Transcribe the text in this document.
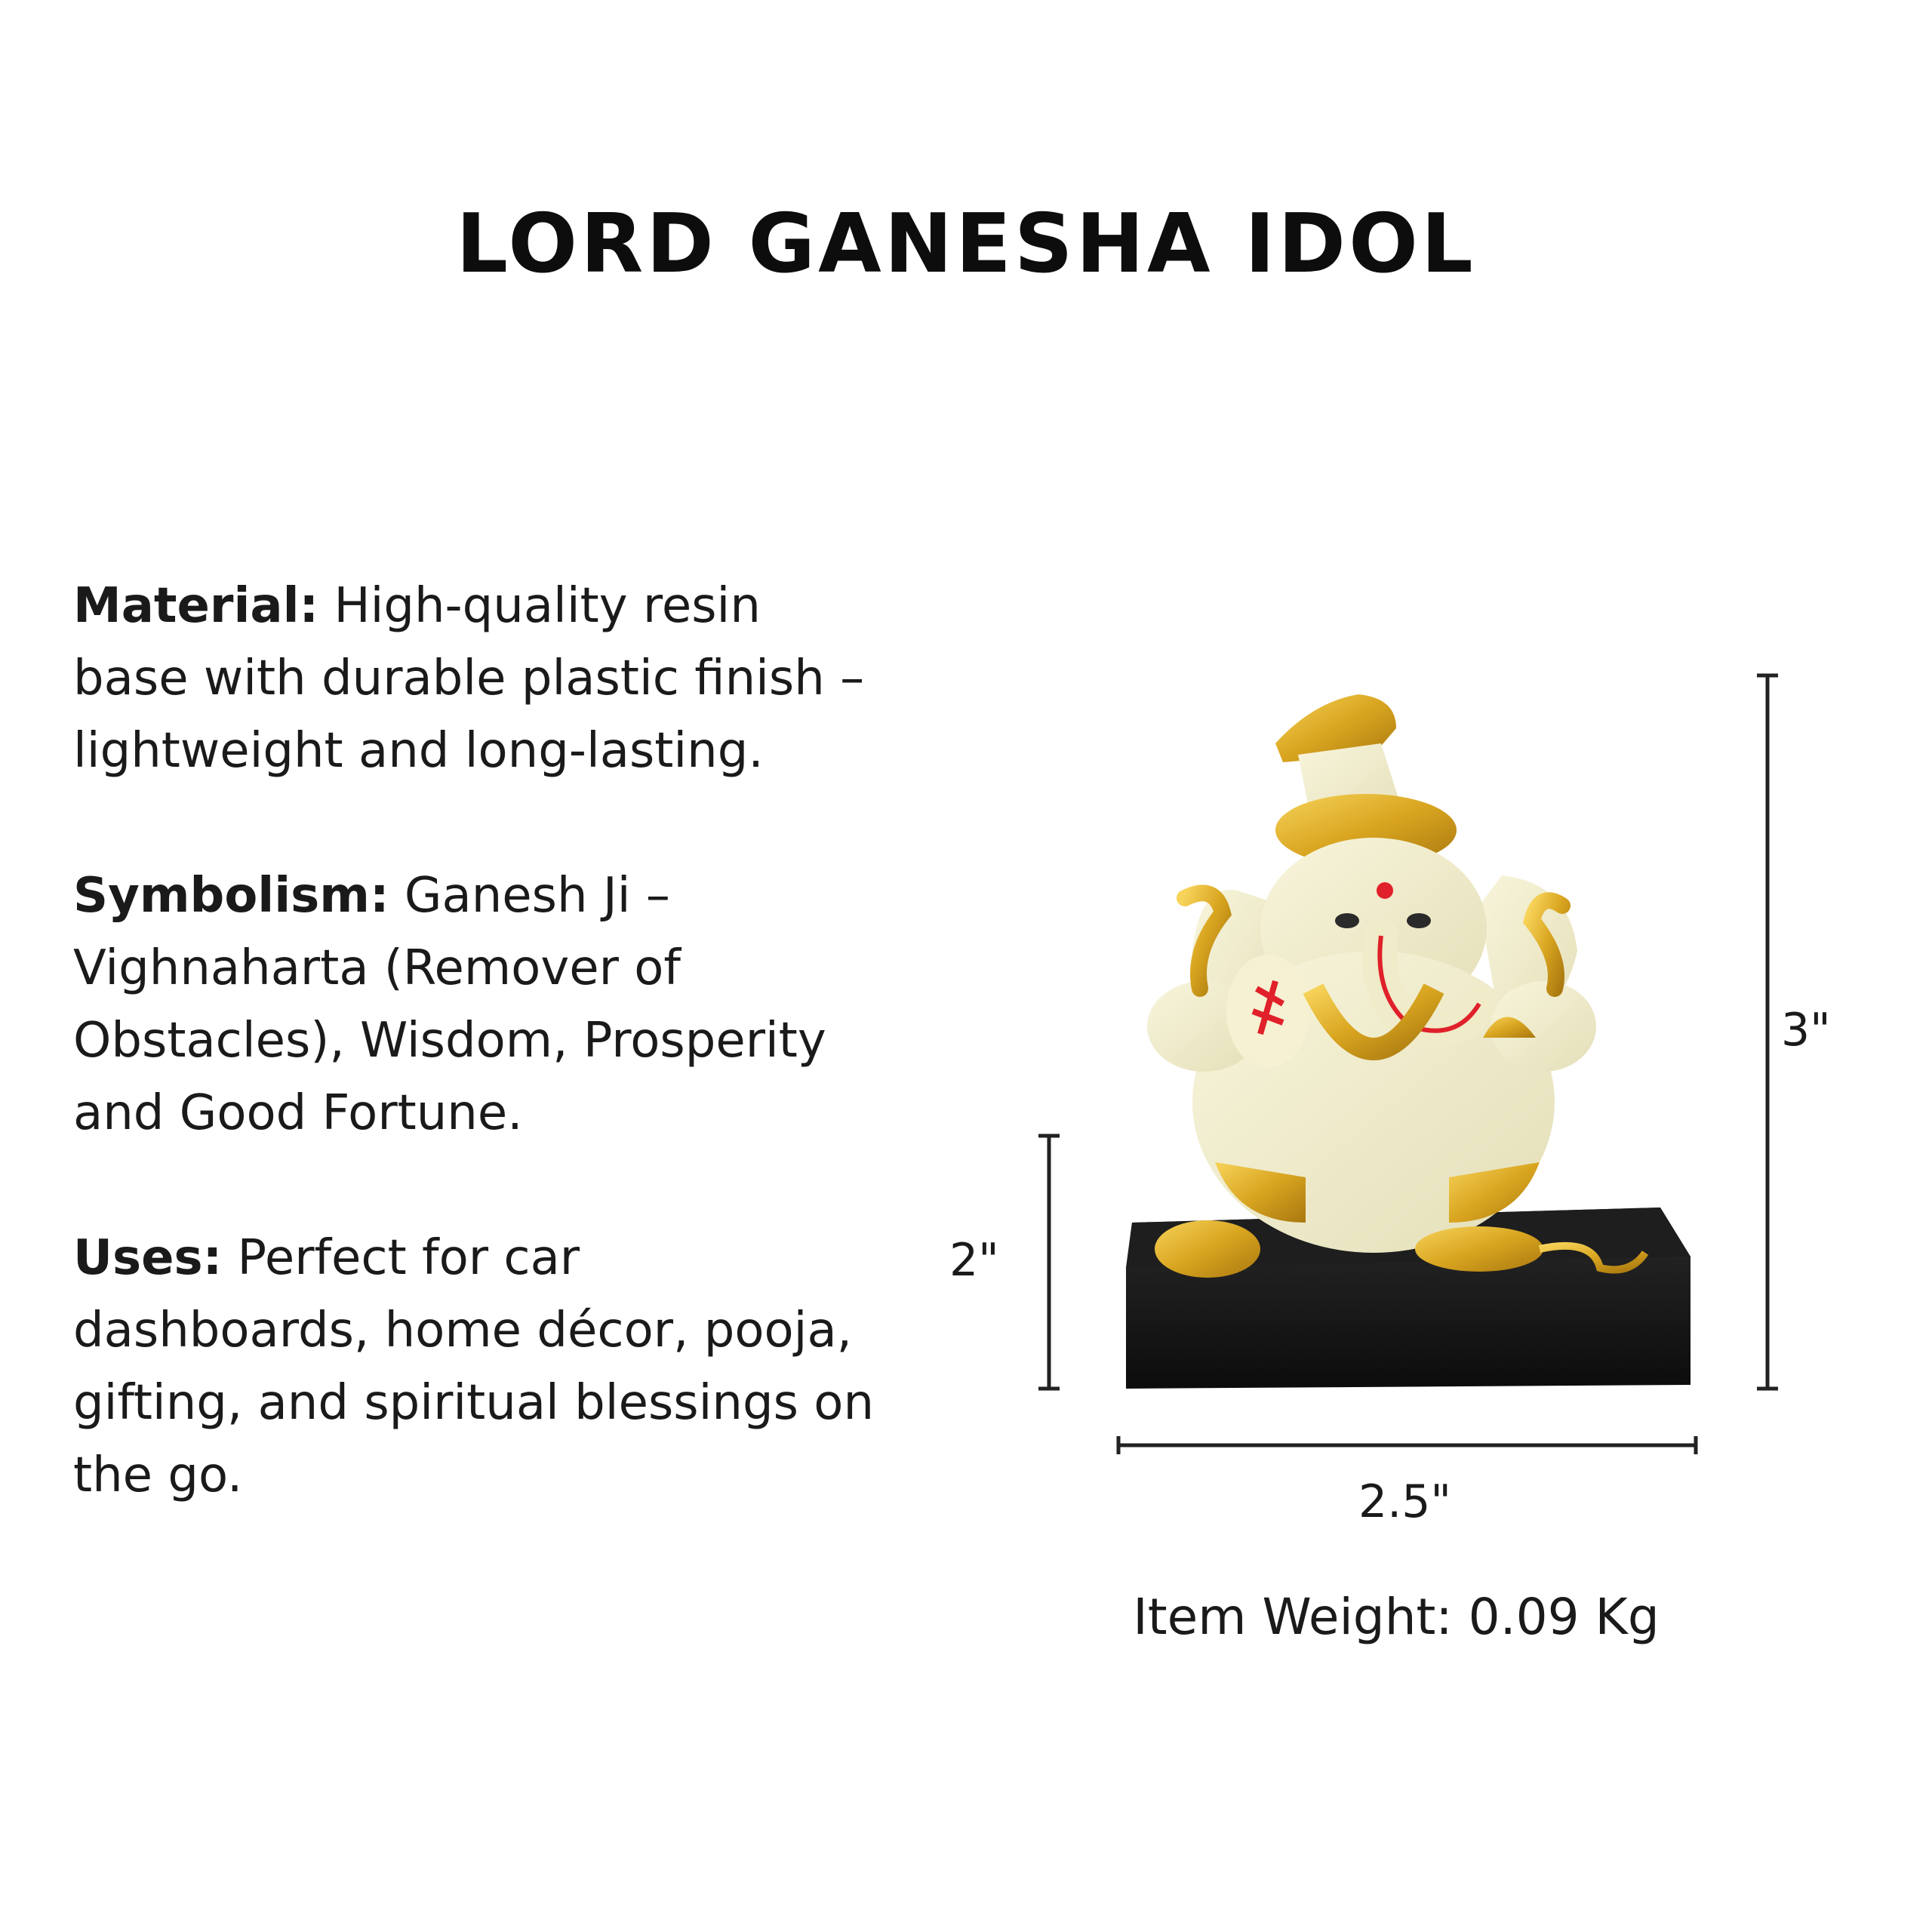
LORD GANESHA IDOL
Material: High-quality resin base with durable plastic finish – lightweight and long-lasting.
Symbolism: Ganesh Ji – Vighnaharta (Remover of Obstacles), Wisdom, Prosperity and Good Fortune.
Uses: Perfect for car dashboards, home décor, pooja, gifting, and spiritual blessings on the go.
3"
2"
2.5"
Item Weight: 0.09 Kg
